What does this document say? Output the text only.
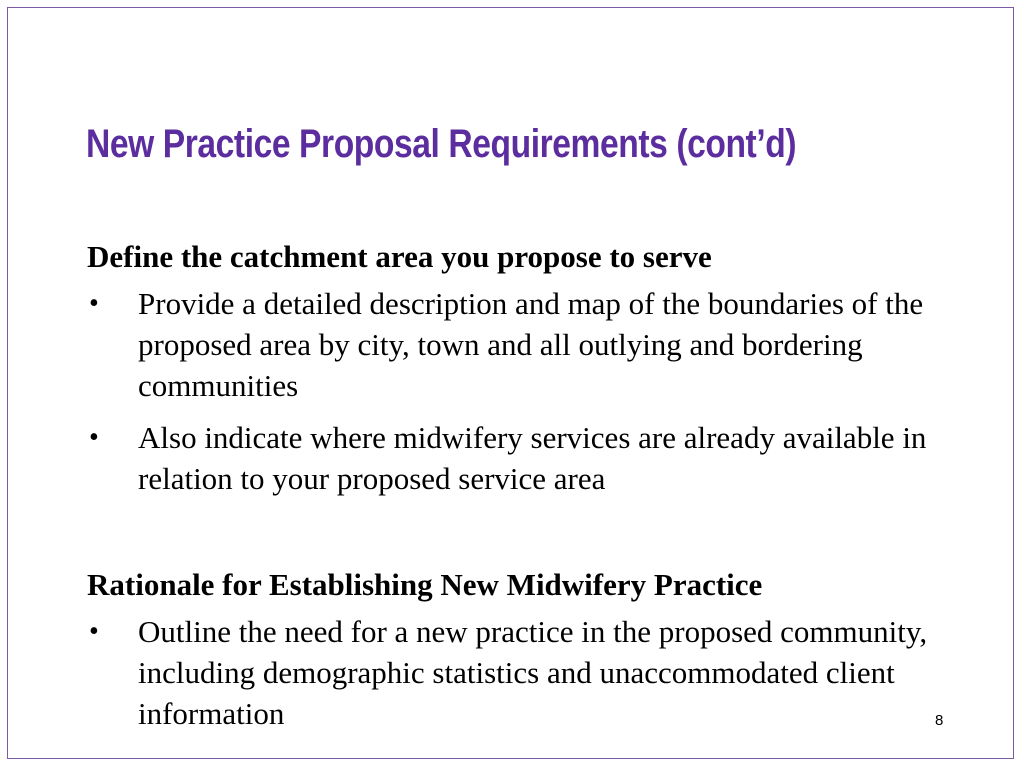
New Practice Proposal Requirements (cont’d)
Define the catchment area you propose to serve
• Provide a detailed description and map of the boundaries of the proposed area by city, town and all outlying and bordering communities
• Also indicate where midwifery services are already available in relation to your proposed service area
Rationale for Establishing New Midwifery Practice
• Outline the need for a new practice in the proposed community, including demographic statistics and unaccommodated client information	8
